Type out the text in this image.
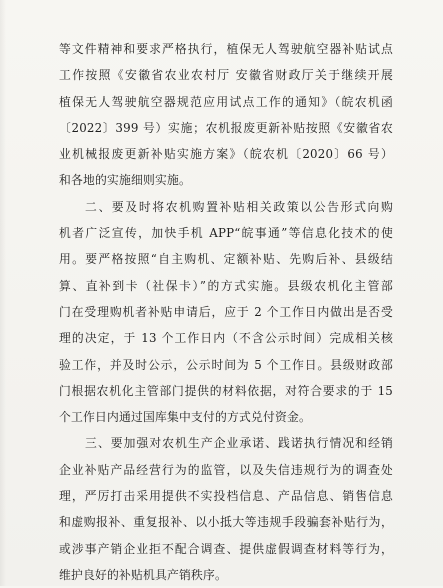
等文件精神和要求严格执行，植保无人驾驶航空器补贴试点
工作按照《安徽省农业农村厅 安徽省财政厅关于继续开展
植保无人驾驶航空器规范应用试点工作的通知》（皖农机函
〔2022〕399 号）实施；农机报废更新补贴按照《安徽省农
业机械报废更新补贴实施方案》（皖农机〔2020〕66 号）
和各地的实施细则实施。

二、要及时将农机购置补贴相关政策以公告形式向购
机者广泛宣传，加快手机 APP“皖事通”等信息化技术的使
用。要严格按照“自主购机、定额补贴、先购后补、县级结
算、直补到卡（社保卡）”的方式实施。县级农机化主管部
门在受理购机者补贴申请后，应于 2 个工作日内做出是否受
理的决定，于 13 个工作日内（不含公示时间）完成相关核
验工作，并及时公示，公示时间为 5 个工作日。县级财政部
门根据农机化主管部门提供的材料依据，对符合要求的于 15
个工作日内通过国库集中支付的方式兑付资金。

三、要加强对农机生产企业承诺、践诺执行情况和经销
企业补贴产品经营行为的监管，以及失信违规行为的调查处
理，严厉打击采用提供不实投档信息、产品信息、销售信息
和虚购报补、重复报补、以小抵大等违规手段骗套补贴行为，
或涉事产销企业拒不配合调查、提供虚假调查材料等行为，
维护良好的补贴机具产销秩序。
